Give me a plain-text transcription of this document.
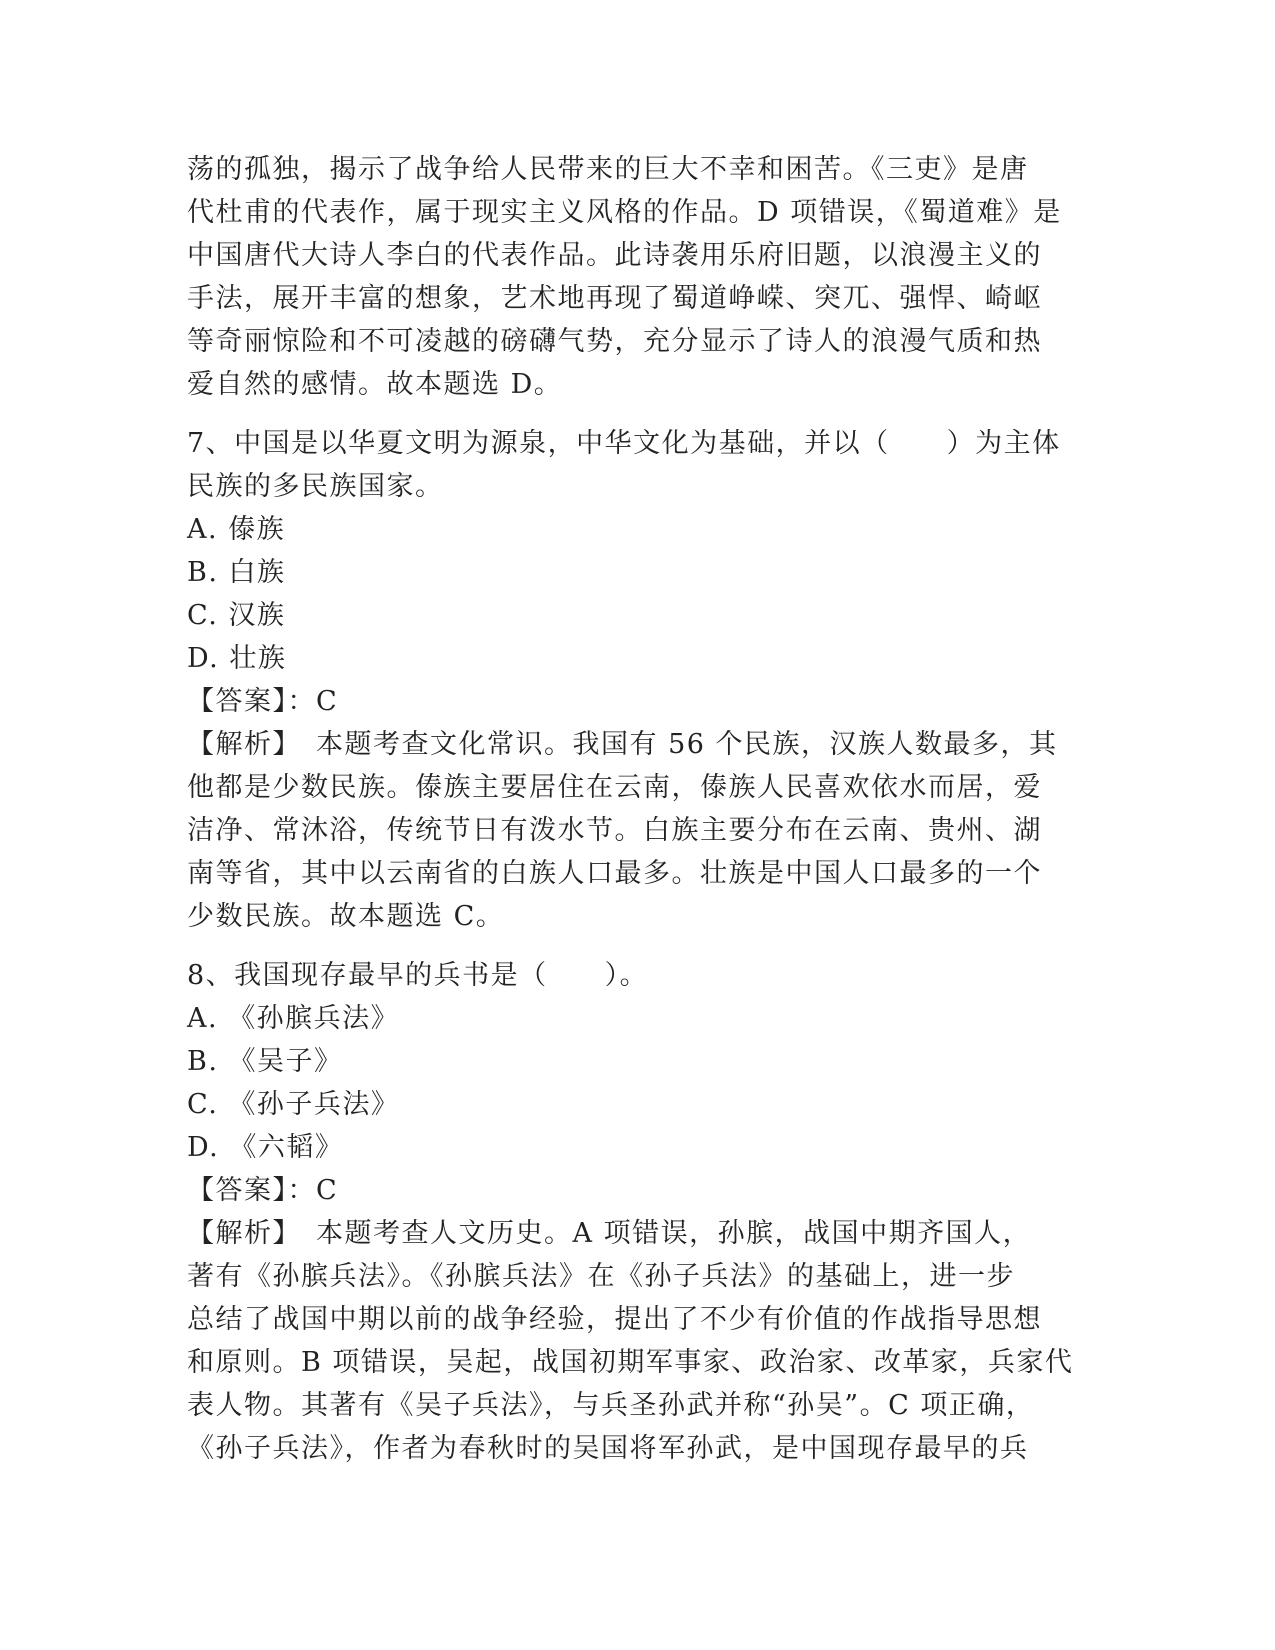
荡的孤独，揭示了战争给人民带来的巨大不幸和困苦。《三吏》是唐
代杜甫的代表作，属于现实主义风格的作品。D 项错误，《蜀道难》是
中国唐代大诗人李白的代表作品。此诗袭用乐府旧题，以浪漫主义的
手法，展开丰富的想象，艺术地再现了蜀道峥嵘、突兀、强悍、崎岖
等奇丽惊险和不可凌越的磅礴气势，充分显示了诗人的浪漫气质和热
爱自然的感情。故本题选 D。
7、中国是以华夏文明为源泉，中华文化为基础，并以（　　）为主体
民族的多民族国家。
A. 傣族
B. 白族
C. 汉族
D. 壮族
【答案】：C
【解析】　本题考查文化常识。我国有 56 个民族，汉族人数最多，其
他都是少数民族。傣族主要居住在云南，傣族人民喜欢依水而居，爱
洁净、常沐浴，传统节日有泼水节。白族主要分布在云南、贵州、湖
南等省，其中以云南省的白族人口最多。壮族是中国人口最多的一个
少数民族。故本题选 C。
8、我国现存最早的兵书是（　　）。
A. 《孙膑兵法》
B. 《吴子》
C. 《孙子兵法》
D. 《六韬》
【答案】：C
【解析】　本题考查人文历史。A 项错误，孙膑，战国中期齐国人，
著有《孙膑兵法》。《孙膑兵法》在《孙子兵法》的基础上，进一步
总结了战国中期以前的战争经验，提出了不少有价值的作战指导思想
和原则。B 项错误，吴起，战国初期军事家、政治家、改革家，兵家代
表人物。其著有《吴子兵法》，与兵圣孙武并称“孙吴”。C 项正确，
《孙子兵法》，作者为春秋时的吴国将军孙武，是中国现存最早的兵
